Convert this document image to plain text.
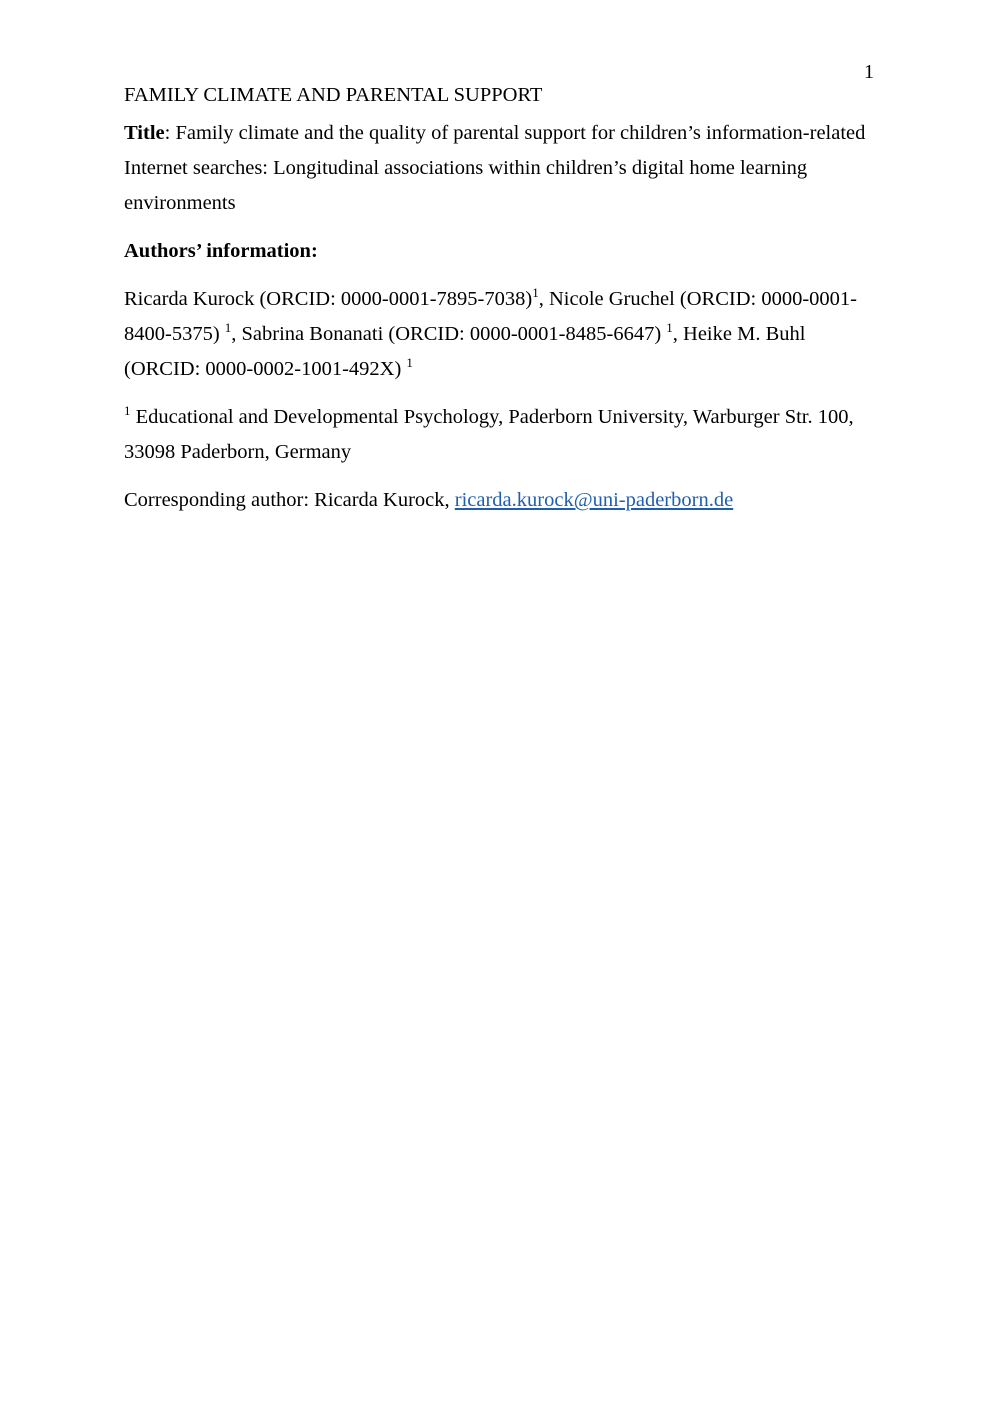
1
FAMILY CLIMATE AND PARENTAL SUPPORT

Title: Family climate and the quality of parental support for children’s information-related Internet searches: Longitudinal associations within children’s digital home learning environments

Authors’ information:

Ricarda Kurock (ORCID: 0000-0001-7895-7038)$^1$, Nicole Gruchel (ORCID: 0000-0001-8400-5375) $^1$, Sabrina Bonanati (ORCID: 0000-0001-8485-6647) $^1$, Heike M. Buhl (ORCID: 0000-0002-1001-492X) $^1$

$^1$ Educational and Developmental Psychology, Paderborn University, Warburger Str. 100, 33098 Paderborn, Germany

Corresponding author: Ricarda Kurock, ricarda.kurock@uni-paderborn.de
